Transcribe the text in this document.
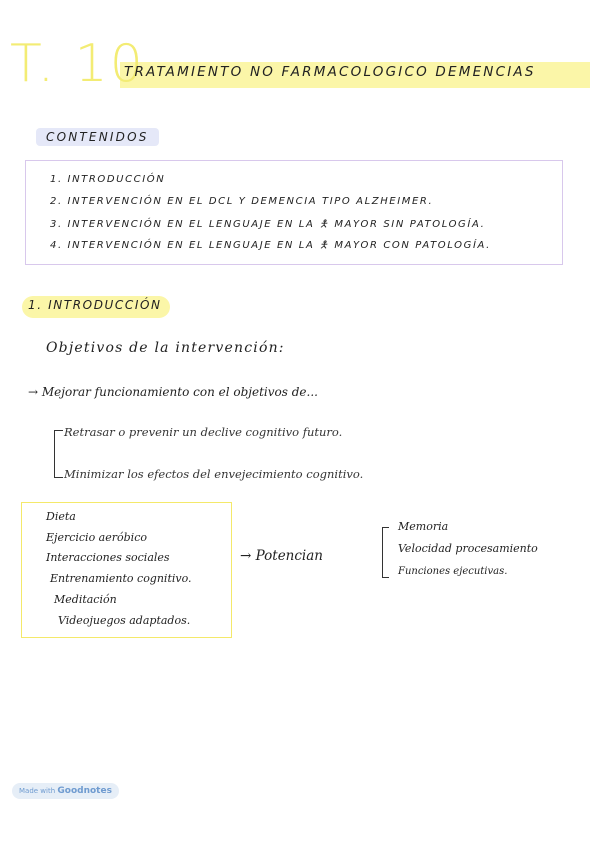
T. 10
TRATAMIENTO NO FARMACOLOGICO DEMENCIAS
CONTENIDOS
1. INTRODUCCIÓN
2. INTERVENCIÓN EN EL DCL Y DEMENCIA TIPO ALZHEIMER.
3. INTERVENCIÓN EN EL LENGUAJE EN LA 🯅 MAYOR SIN PATOLOGÍA.
4. INTERVENCIÓN EN EL LENGUAJE EN LA 🯅 MAYOR CON PATOLOGÍA.
1. INTRODUCCIÓN
Objetivos de la intervención:
→ Mejorar funcionamiento con el objetivos de...
Retrasar o prevenir un declive cognitivo futuro.
Minimizar los efectos del envejecimiento cognitivo.
Dieta
Ejercicio aeróbico
Interacciones sociales
Entrenamiento cognitivo.
Meditación
Videojuegos adaptados.
→ Potencian
Memoria
Velocidad procesamiento
Funciones ejecutivas.
Made with Goodnotes
